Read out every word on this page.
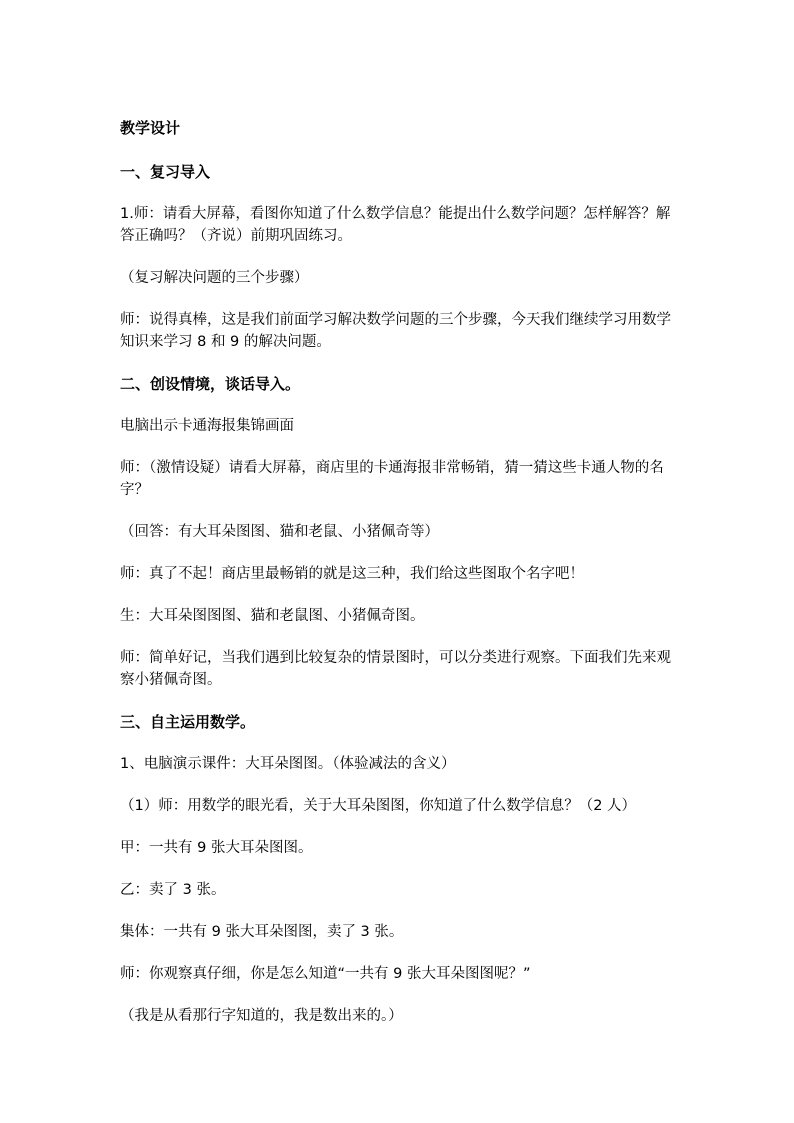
教学设计
一、复习导入
1.师：请看大屏幕，看图你知道了什么数学信息？能提出什么数学问题？怎样解答？解答正确吗？（齐说）前期巩固练习。
（复习解决问题的三个步骤）
师：说得真棒，这是我们前面学习解决数学问题的三个步骤，今天我们继续学习用数学知识来学习 8 和 9 的解决问题。
二、创设情境，谈话导入。
电脑出示卡通海报集锦画面
师：（激情设疑）请看大屏幕，商店里的卡通海报非常畅销，猜一猜这些卡通人物的名字？
（回答：有大耳朵图图、猫和老鼠、小猪佩奇等）
师：真了不起！商店里最畅销的就是这三种，我们给这些图取个名字吧！
生：大耳朵图图图、猫和老鼠图、小猪佩奇图。
师：简单好记，当我们遇到比较复杂的情景图时，可以分类进行观察。下面我们先来观察小猪佩奇图。
三、自主运用数学。
1、电脑演示课件：大耳朵图图。（体验减法的含义）
（1）师：用数学的眼光看，关于大耳朵图图，你知道了什么数学信息？（2 人）
甲：一共有 9 张大耳朵图图。
乙：卖了 3 张。
集体：一共有 9 张大耳朵图图，卖了 3 张。
师：你观察真仔细，你是怎么知道“一共有 9 张大耳朵图图呢？”
（我是从看那行字知道的，我是数出来的。）
